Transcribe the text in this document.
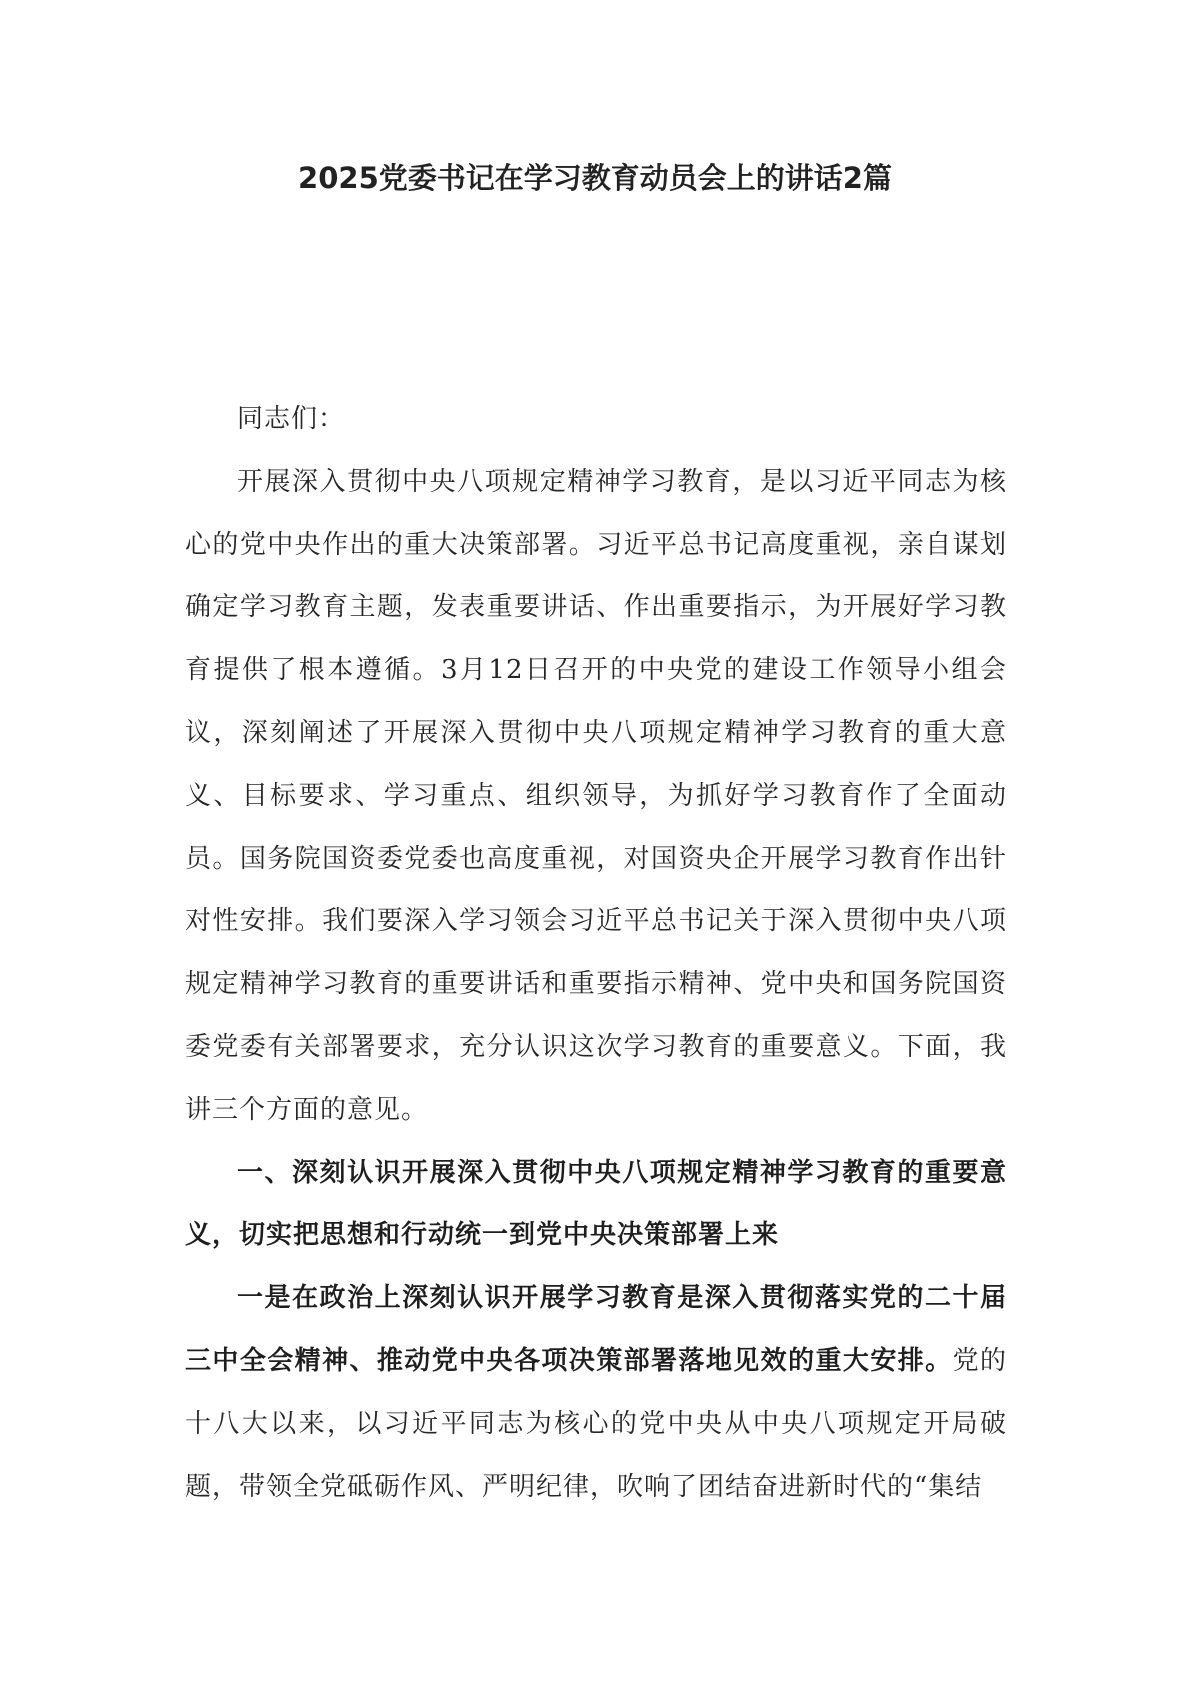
2025党委书记在学习教育动员会上的讲话2篇

同志们：

开展深入贯彻中央八项规定精神学习教育，是以习近平同志为核心的党中央作出的重大决策部署。习近平总书记高度重视，亲自谋划确定学习教育主题，发表重要讲话、作出重要指示，为开展好学习教育提供了根本遵循。3月12日召开的中央党的建设工作领导小组会议，深刻阐述了开展深入贯彻中央八项规定精神学习教育的重大意义、目标要求、学习重点、组织领导，为抓好学习教育作了全面动员。国务院国资委党委也高度重视，对国资央企开展学习教育作出针对性安排。我们要深入学习领会习近平总书记关于深入贯彻中央八项规定精神学习教育的重要讲话和重要指示精神、党中央和国务院国资委党委有关部署要求，充分认识这次学习教育的重要意义。下面，我讲三个方面的意见。

一、深刻认识开展深入贯彻中央八项规定精神学习教育的重要意义，切实把思想和行动统一到党中央决策部署上来

一是在政治上深刻认识开展学习教育是深入贯彻落实党的二十届三中全会精神、推动党中央各项决策部署落地见效的重大安排。党的十八大以来，以习近平同志为核心的党中央从中央八项规定开局破题，带领全党砥砺作风、严明纪律，吹响了团结奋进新时代的“集结
